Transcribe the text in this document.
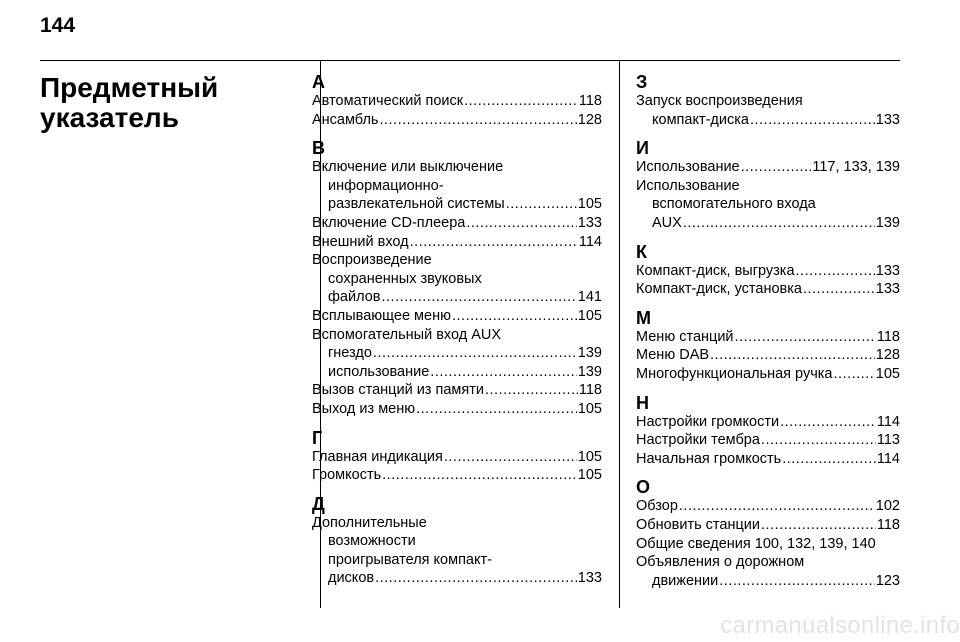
144
Предметный
указатель
А
Автоматический поиск .....	118
Ансамбль .....	128
В
Включение или выключение
информационно-
развлекательной системы .....	105
Включение CD-плеера .....	133
Внешний вход .....	114
Воспроизведение
сохраненных звуковых
файлов .....	141
Всплывающее меню .....	105
Вспомогательный вход AUX
гнездо .....	139
использование .....	139
Вызов станций из памяти .....	118
Выход из меню .....	105
Г
Главная индикация .....	105
Громкость .....	105
Д
Дополнительные
возможности
проигрывателя компакт-
дисков .....	133
З
Запуск воспроизведения
компакт-диска .....	133
И
Использование .....	117, 133, 139
Использование
вспомогательного входа
AUX .....	139
К
Компакт-диск, выгрузка .....	133
Компакт-диск, установка .....	133
М
Меню станций .....	118
Меню DAB .....	128
Многофункциональная ручка .....	105
Н
Настройки громкости .....	114
Настройки тембра .....	113
Начальная громкость .....	114
О
Обзор .....	102
Обновить станции .....	118
Общие сведения 100, 132, 139, 140
Объявления о дорожном
движении .....	123
carmanualsonline.info
